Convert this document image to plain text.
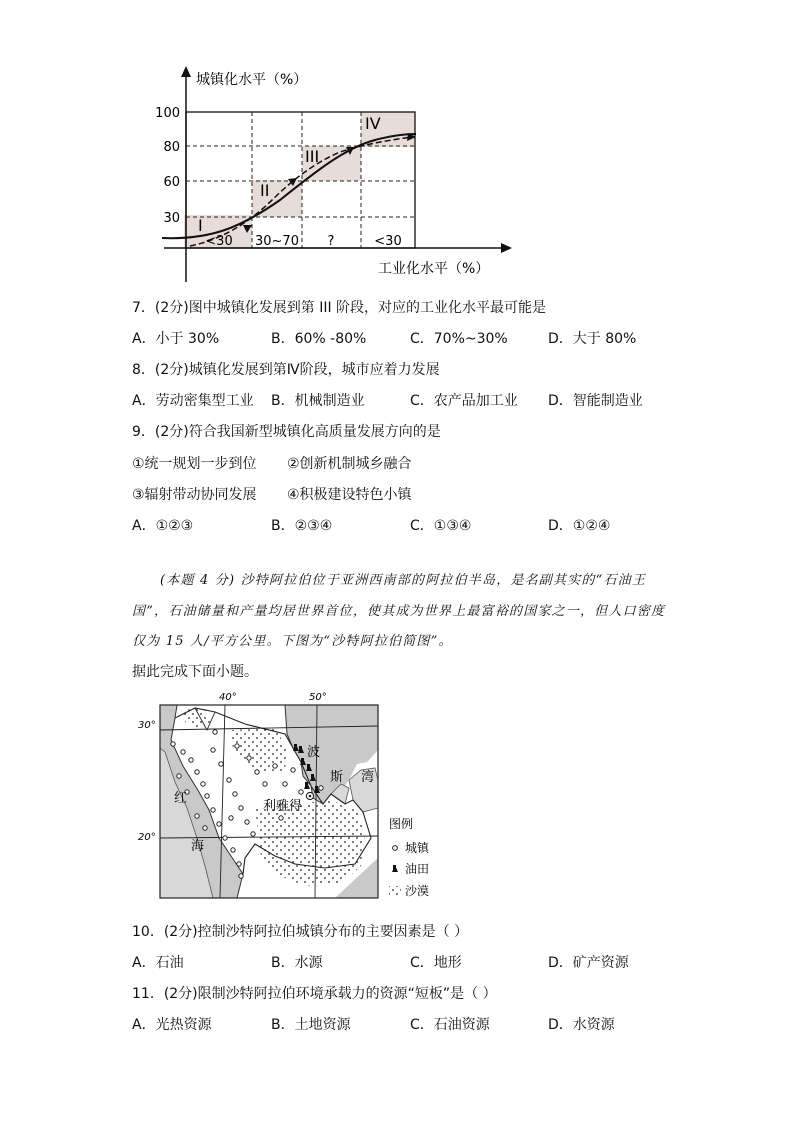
城镇化水平（%）
工业化水平（%）
100
80
60
30 I
II
III
IV
<30 30~70 ?	<30
7．(2分)图中城镇化发展到第 III 阶段，对应的工业化水平最可能是
A．小于 30%	B．60% -80%	C．70%~30%	D．大于 80%
8．(2分)城镇化发展到第Ⅳ阶段，城市应着力发展
A．劳动密集型工业 B．机械制造业	C．农产品加工业 D．智能制造业
9．(2分)符合我国新型城镇化高质量发展方向的是
①统一规划一步到位 ②创新机制城乡融合
③辐射带动协同发展 ④积极建设特色小镇
A．①②③	B．②③④	C．①③④	D．①②④
(本题 4 分) 沙特阿拉伯位于亚洲西南部的阿拉伯半岛，是名副其实的“石油王
国”，石油储量和产量均居世界首位，使其成为世界上最富裕的国家之一，但人口密度
仅为 15 人/平方公里。下图为“沙特阿拉伯简图”。
据此完成下面小题。
40°	50°
30°
20°
红
海
波
斯 湾
利雅得
图例
城镇
油田
沙漠
10．(2分)控制沙特阿拉伯城镇分布的主要因素是（ ）
A．石油	B．水源	C．地形	D．矿产资源
11．(2分)限制沙特阿拉伯环境承载力的资源“短板”是（ ）
A．光热资源	B．土地资源	C．石油资源	D．水资源
